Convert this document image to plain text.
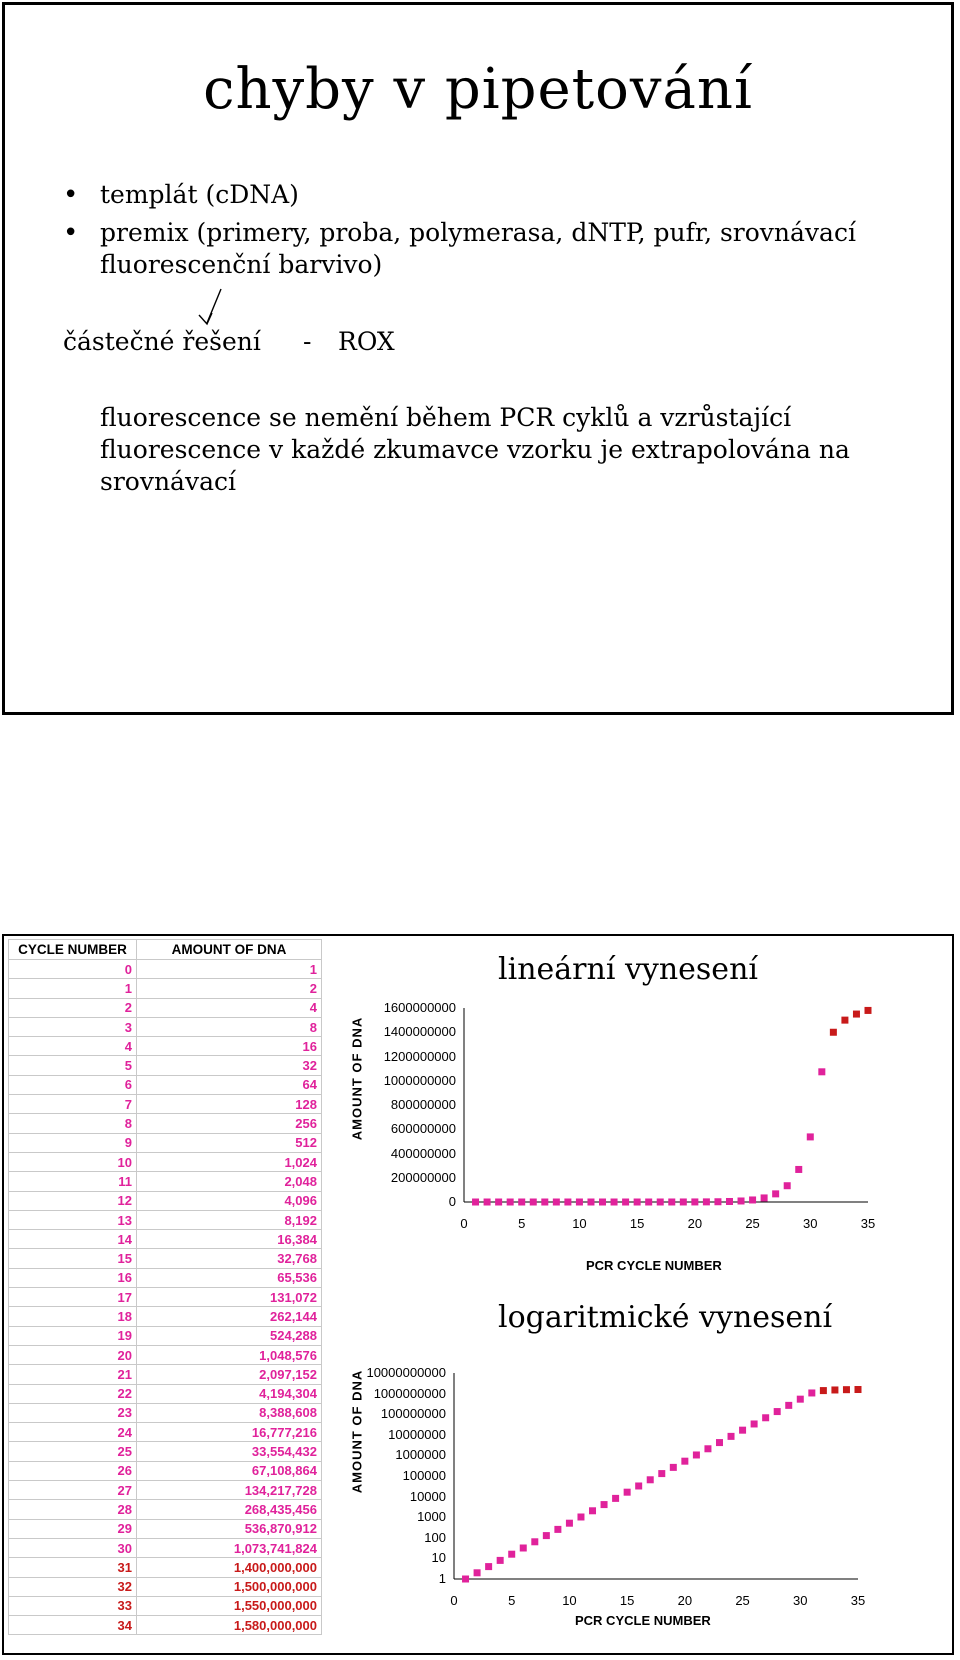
chyby v pipetování
• templát (cDNA)
• premix (primery, proba, polymerasa, dNTP, pufr, srovnávací fluorescenční barvivo)
částečné řešení - ROX
fluorescence se nemění během PCR cyklů a vzrůstající fluorescence v každé zkumavce vzorku je extrapolována na srovnávací
CYCLE NUMBER	AMOUNT OF DNA
0	1
1	2
2	4
3	8
4	16
5	32
6	64
7	128
8	256
9	512
10	1,024
11	2,048
12	4,096
13	8,192
14	16,384
15	32,768
16	65,536
17	131,072
18	262,144
19	524,288
20	1,048,576
21	2,097,152
22	4,194,304
23	8,388,608
24	16,777,216
25	33,554,432
26	67,108,864
27	134,217,728
28	268,435,456
29	536,870,912
30	1,073,741,824
31	1,400,000,000
32	1,500,000,000
33	1,550,000,000
34	1,580,000,000
lineární vynesení
AMOUNT OF DNA
PCR CYCLE NUMBER
1600000000
1400000000
1200000000
1000000000
800000000
600000000
400000000
200000000
0
0	5	10	15	20	25	30	35
logaritmické vynesení
AMOUNT OF DNA
PCR CYCLE NUMBER
10000000000
1000000000
100000000
10000000
1000000
100000
10000
1000
100
10
1
0	5	10	15	20	25	30	35
